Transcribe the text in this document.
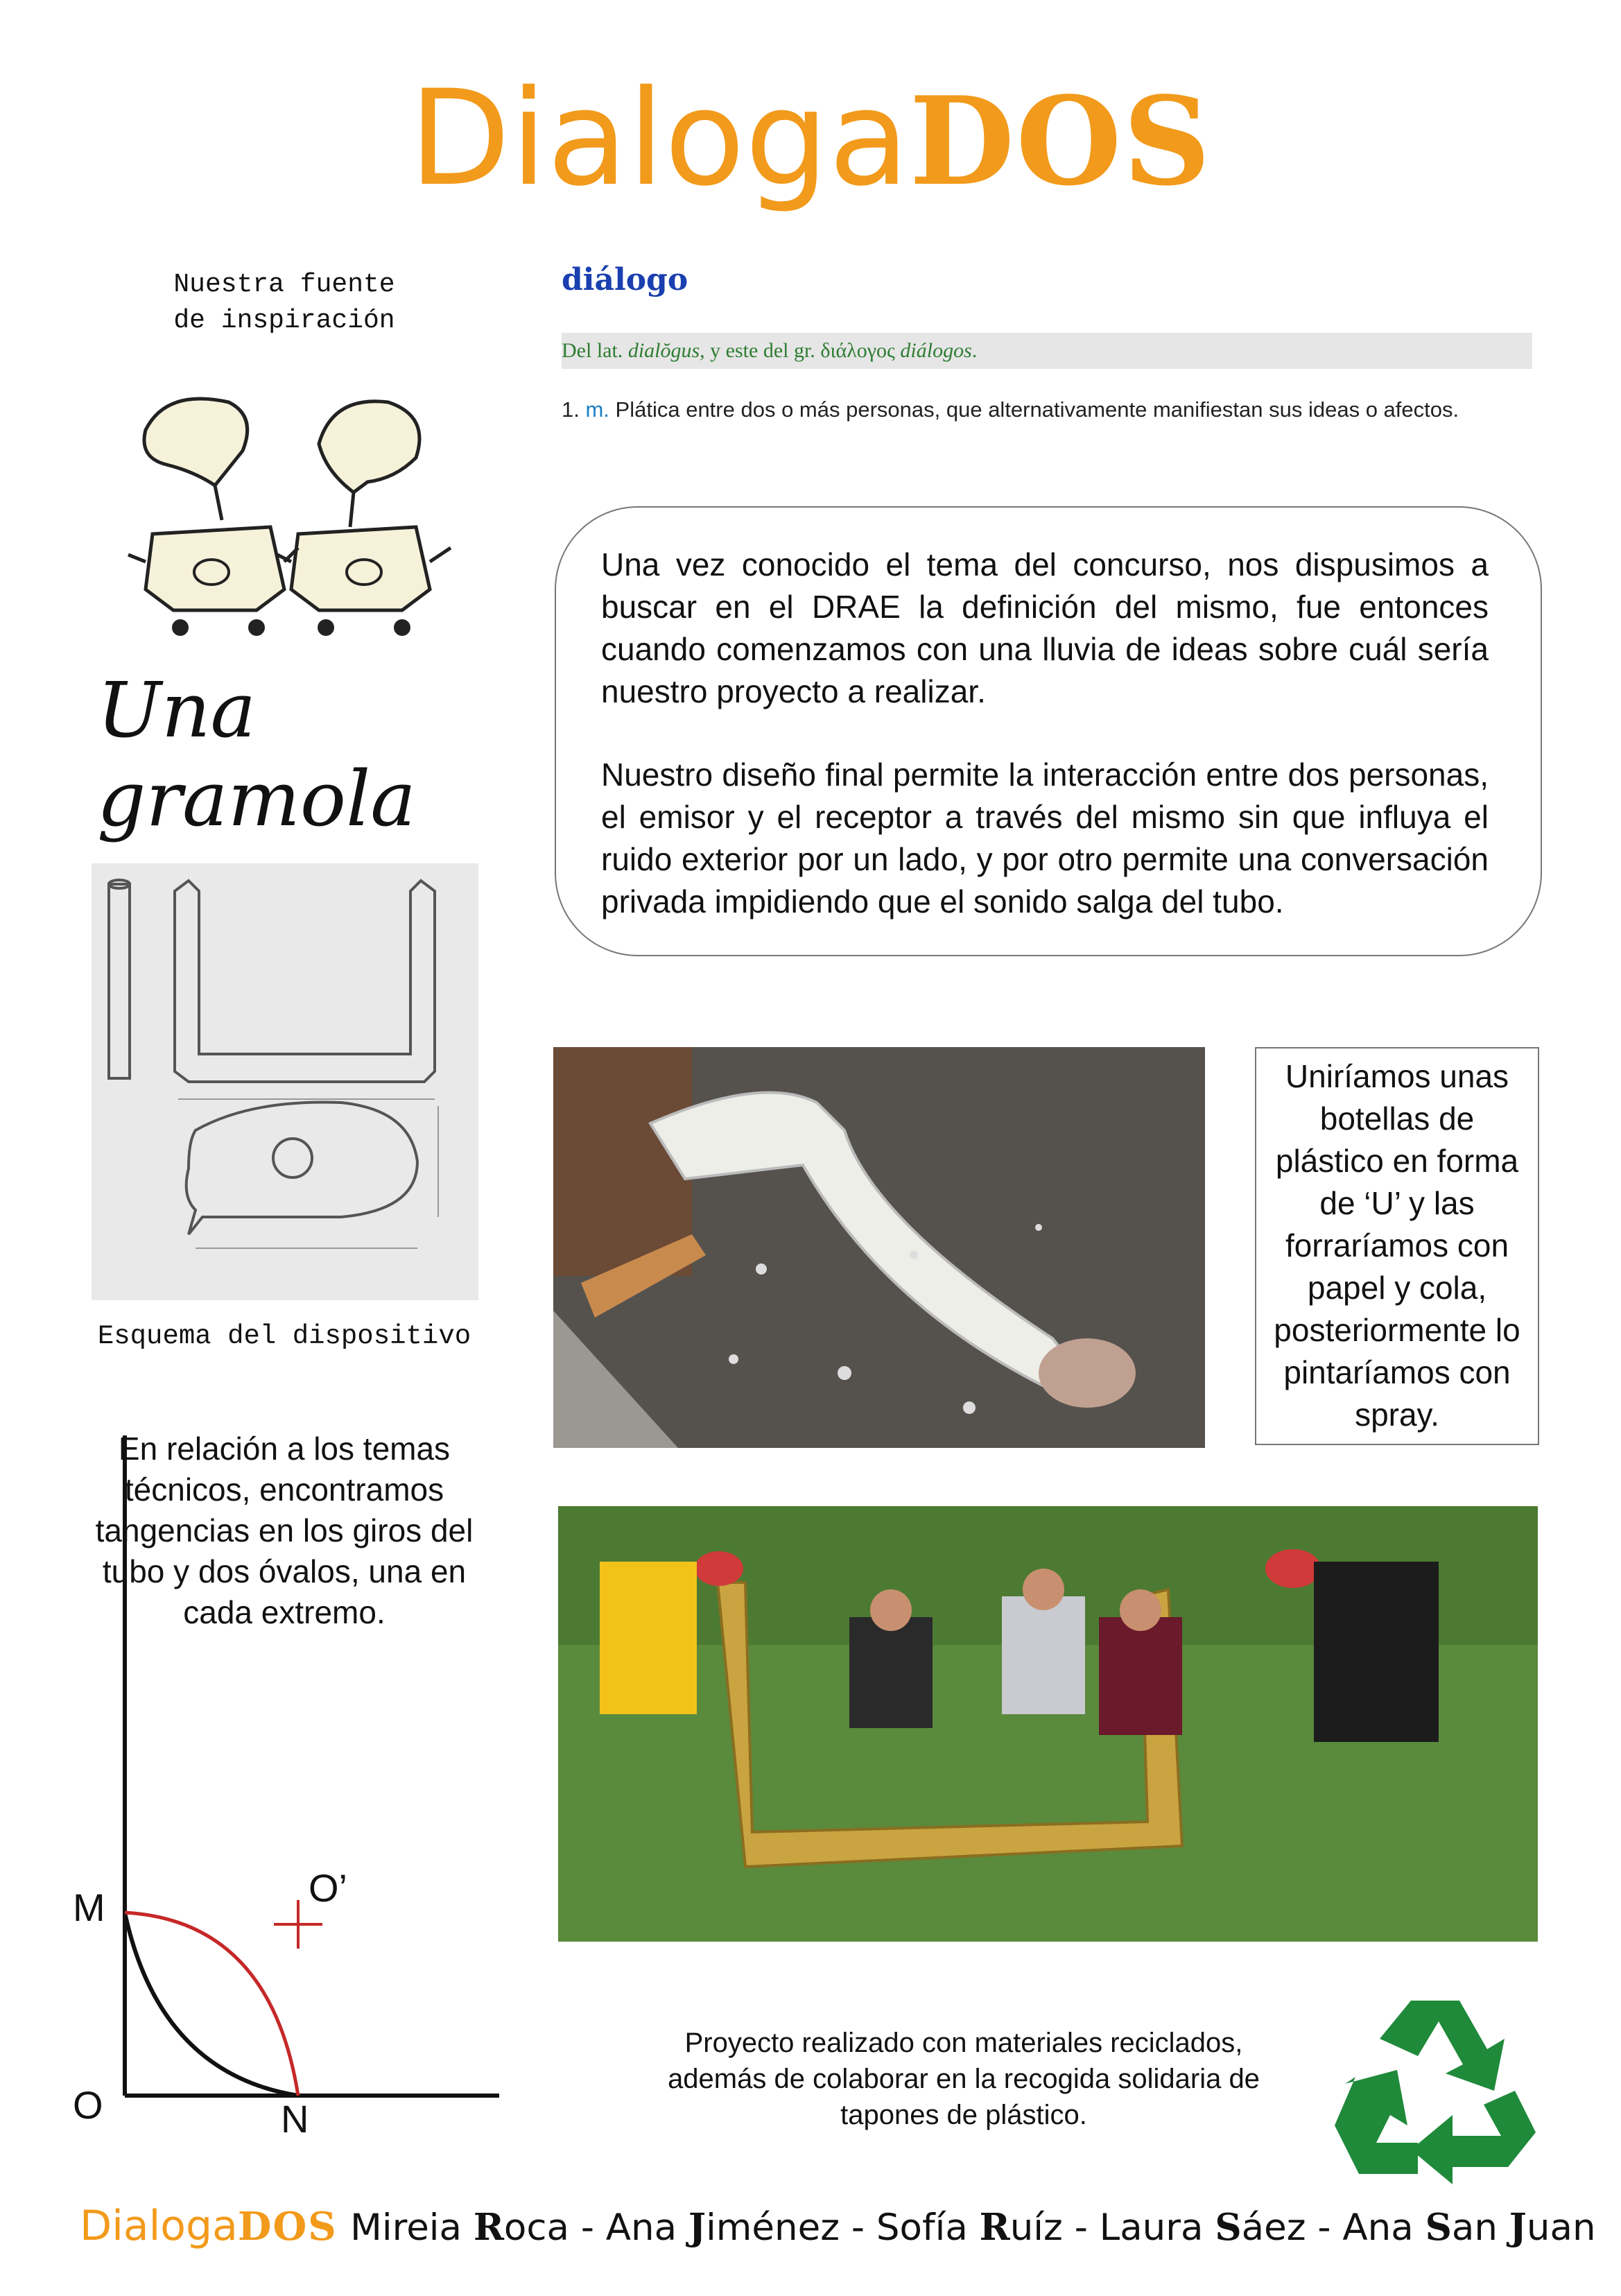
DialogaDOS
Nuestra fuente
de inspiración
Una gramola
diálogo
Del lat. dialŏgus, y este del gr. διάλογος diálogos.
1. m. Plática entre dos o más personas, que alternativamente manifiestan sus ideas o afectos.
Una vez conocido el tema del concurso, nos dispusimos a buscar en el DRAE la definición del mismo, fue entonces cuando comenzamos con una lluvia de ideas sobre cuál sería nuestro proyecto a realizar.
Nuestro diseño final permite la interacción entre dos personas, el emisor y el receptor a través del mismo sin que influya el ruido exterior por un lado, y por otro permite una conversación privada impidiendo que el sonido salga del tubo.
Esquema del dispositivo
Uniríamos unas botellas de plástico en forma de ‘U’ y las forraríamos con papel y cola, posteriormente lo pintaríamos con spray.
En relación a los temas técnicos, encontramos tangencias en los giros del tubo y dos óvalos, una en cada extremo.
M	O’
O	N
Proyecto realizado con materiales reciclados, además de colaborar en la recogida solidaria de tapones de plástico.
DialogaDOS Mireia Roca - Ana Jiménez - Sofía Ruíz - Laura Sáez - Ana San Juan
